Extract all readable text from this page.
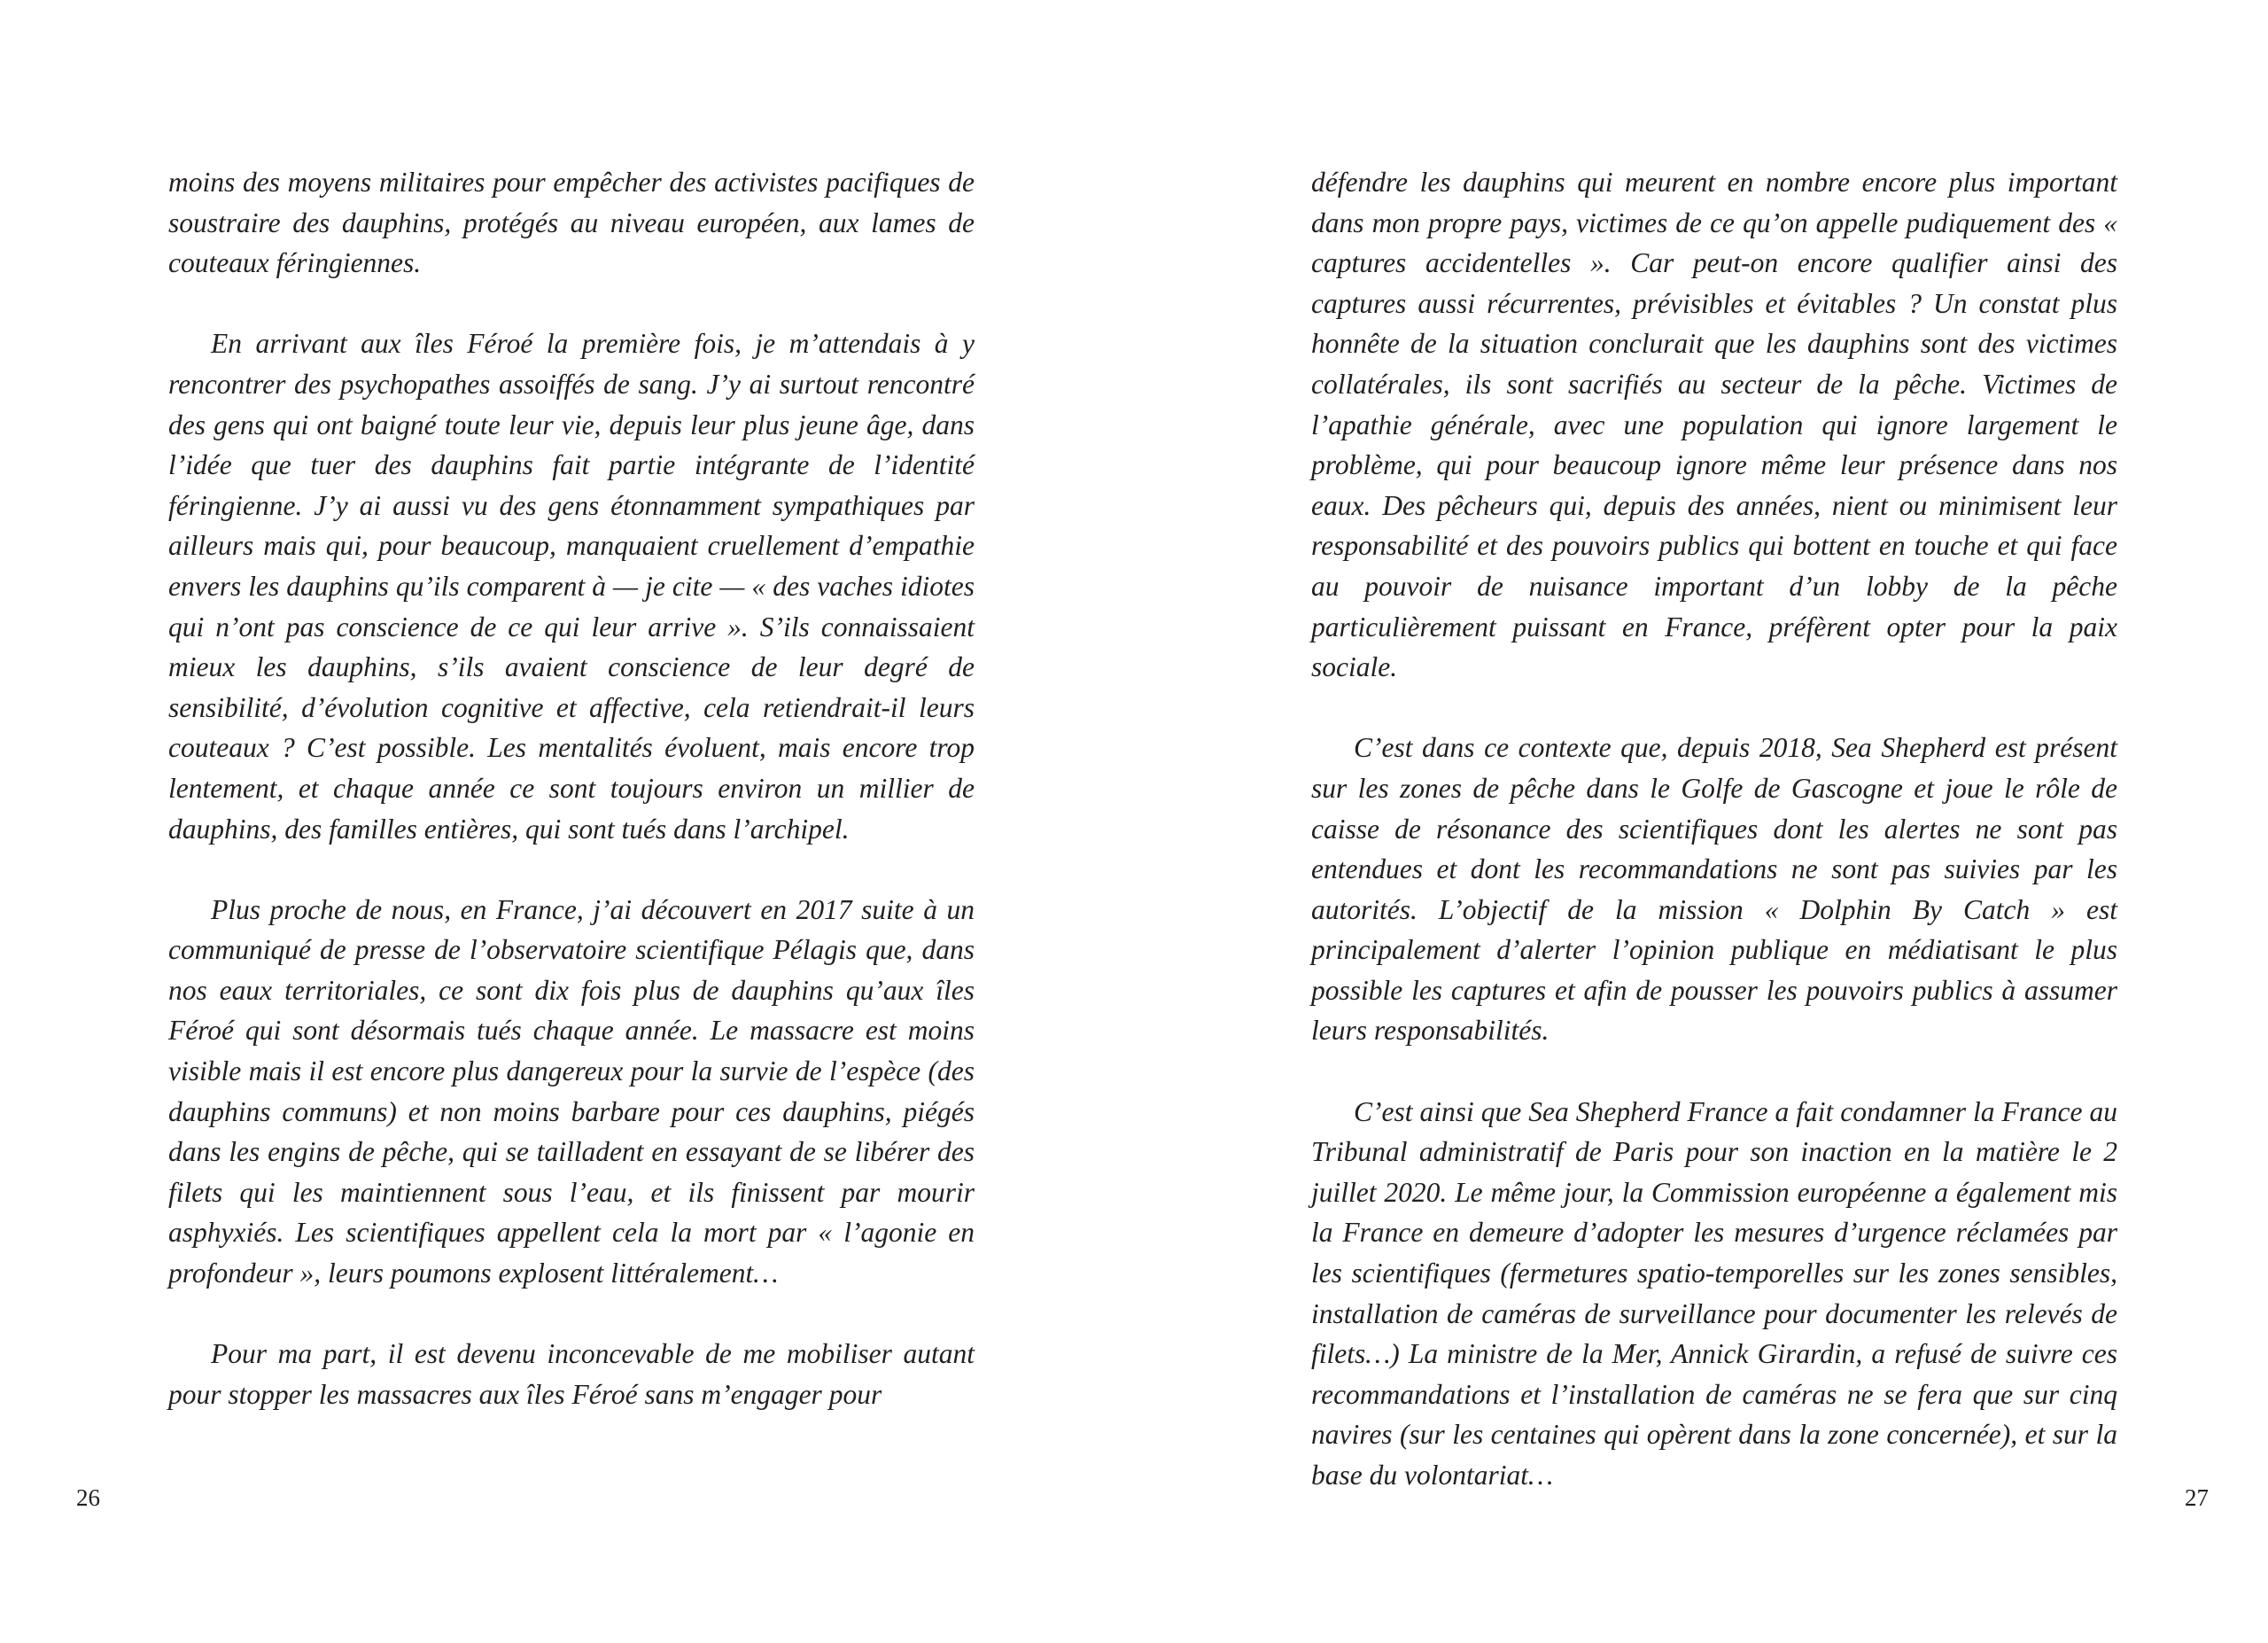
moins des moyens militaires pour empêcher des activistes pacifiques de soustraire des dauphins, protégés au niveau européen, aux lames de couteaux féringiennes.

En arrivant aux îles Féroé la première fois, je m’attendais à y rencontrer des psychopathes assoiffés de sang. J’y ai surtout rencontré des gens qui ont baigné toute leur vie, depuis leur plus jeune âge, dans l’idée que tuer des dauphins fait partie intégrante de l’identité féringienne. J’y ai aussi vu des gens étonnamment sympathiques par ailleurs mais qui, pour beaucoup, manquaient cruellement d’empathie envers les dauphins qu’ils comparent à — je cite — « des vaches idiotes qui n’ont pas conscience de ce qui leur arrive ». S’ils connaissaient mieux les dauphins, s’ils avaient conscience de leur degré de sensibilité, d’évolution cognitive et affective, cela retiendrait-il leurs couteaux ? C’est possible. Les mentalités évoluent, mais encore trop lentement, et chaque année ce sont toujours environ un millier de dauphins, des familles entières, qui sont tués dans l’archipel.

Plus proche de nous, en France, j’ai découvert en 2017 suite à un communiqué de presse de l’observatoire scientifique Pélagis que, dans nos eaux territoriales, ce sont dix fois plus de dauphins qu’aux îles Féroé qui sont désormais tués chaque année. Le massacre est moins visible mais il est encore plus dangereux pour la survie de l’espèce (des dauphins communs) et non moins barbare pour ces dauphins, piégés dans les engins de pêche, qui se tailladent en essayant de se libérer des filets qui les maintiennent sous l’eau, et ils finissent par mourir asphyxiés. Les scientifiques appellent cela la mort par « l’agonie en profondeur », leurs poumons explosent littéralement…

Pour ma part, il est devenu inconcevable de me mobiliser autant pour stopper les massacres aux îles Féroé sans m’engager pour

26

défendre les dauphins qui meurent en nombre encore plus important dans mon propre pays, victimes de ce qu’on appelle pudiquement des « captures accidentelles ». Car peut-on encore qualifier ainsi des captures aussi récurrentes, prévisibles et évitables ? Un constat plus honnête de la situation conclurait que les dauphins sont des victimes collatérales, ils sont sacrifiés au secteur de la pêche. Victimes de l’apathie générale, avec une population qui ignore largement le problème, qui pour beaucoup ignore même leur présence dans nos eaux. Des pêcheurs qui, depuis des années, nient ou minimisent leur responsabilité et des pouvoirs publics qui bottent en touche et qui face au pouvoir de nuisance important d’un lobby de la pêche particulièrement puissant en France, préfèrent opter pour la paix sociale.

C’est dans ce contexte que, depuis 2018, Sea Shepherd est présent sur les zones de pêche dans le Golfe de Gascogne et joue le rôle de caisse de résonance des scientifiques dont les alertes ne sont pas entendues et dont les recommandations ne sont pas suivies par les autorités. L’objectif de la mission « Dolphin By Catch » est principalement d’alerter l’opinion publique en médiatisant le plus possible les captures et afin de pousser les pouvoirs publics à assumer leurs responsabilités.

C’est ainsi que Sea Shepherd France a fait condamner la France au Tribunal administratif de Paris pour son inaction en la matière le 2 juillet 2020. Le même jour, la Commission européenne a également mis la France en demeure d’adopter les mesures d’urgence réclamées par les scientifiques (fermetures spatio-temporelles sur les zones sensibles, installation de caméras de surveillance pour documenter les relevés de filets…) La ministre de la Mer, Annick Girardin, a refusé de suivre ces recommandations et l’installation de caméras ne se fera que sur cinq navires (sur les centaines qui opèrent dans la zone concernée), et sur la base du volontariat…

27
